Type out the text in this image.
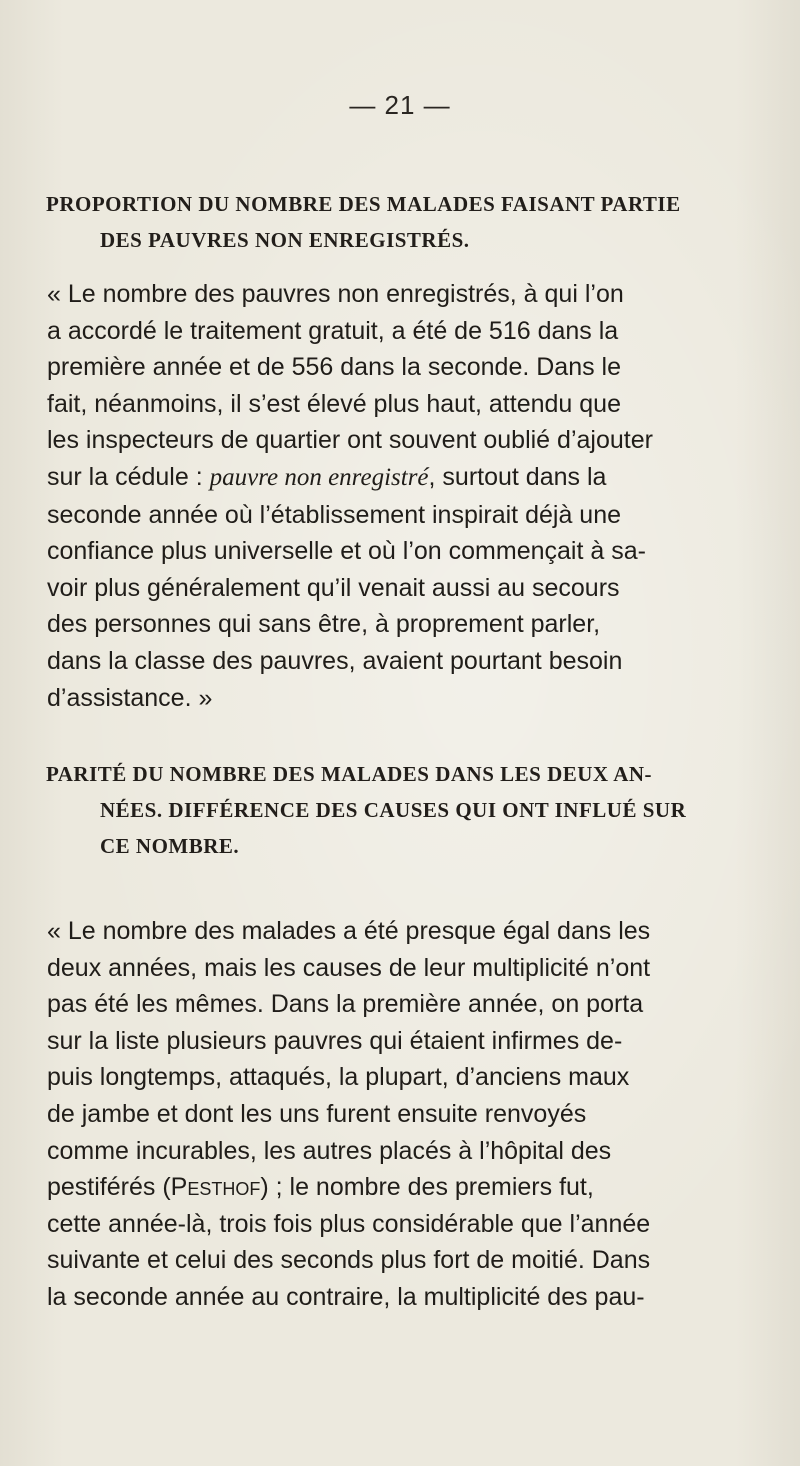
— 21 —
PROPORTION DU NOMBRE DES MALADES FAISANT PARTIE
DES PAUVRES NON ENREGISTRÉS.
« Le nombre des pauvres non enregistrés, à qui l’on
a accordé le traitement gratuit, a été de 516 dans la
première année et de 556 dans la seconde. Dans le
fait, néanmoins, il s’est élevé plus haut, attendu que
les inspecteurs de quartier ont souvent oublié d’ajouter
sur la cédule : pauvre non enregistré, surtout dans la
seconde année où l’établissement inspirait déjà une
confiance plus universelle et où l’on commençait à sa-
voir plus généralement qu’il venait aussi au secours
des personnes qui sans être, à proprement parler,
dans la classe des pauvres, avaient pourtant besoin
d’assistance. »
PARITÉ DU NOMBRE DES MALADES DANS LES DEUX AN-
NÉES. DIFFÉRENCE DES CAUSES QUI ONT INFLUÉ SUR
CE NOMBRE.
« Le nombre des malades a été presque égal dans les
deux années, mais les causes de leur multiplicité n’ont
pas été les mêmes. Dans la première année, on porta
sur la liste plusieurs pauvres qui étaient infirmes de-
puis longtemps, attaqués, la plupart, d’anciens maux
de jambe et dont les uns furent ensuite renvoyés
comme incurables, les autres placés à l’hôpital des
pestiférés (Pesthof) ; le nombre des premiers fut,
cette année-là, trois fois plus considérable que l’année
suivante et celui des seconds plus fort de moitié. Dans
la seconde année au contraire, la multiplicité des pau-
